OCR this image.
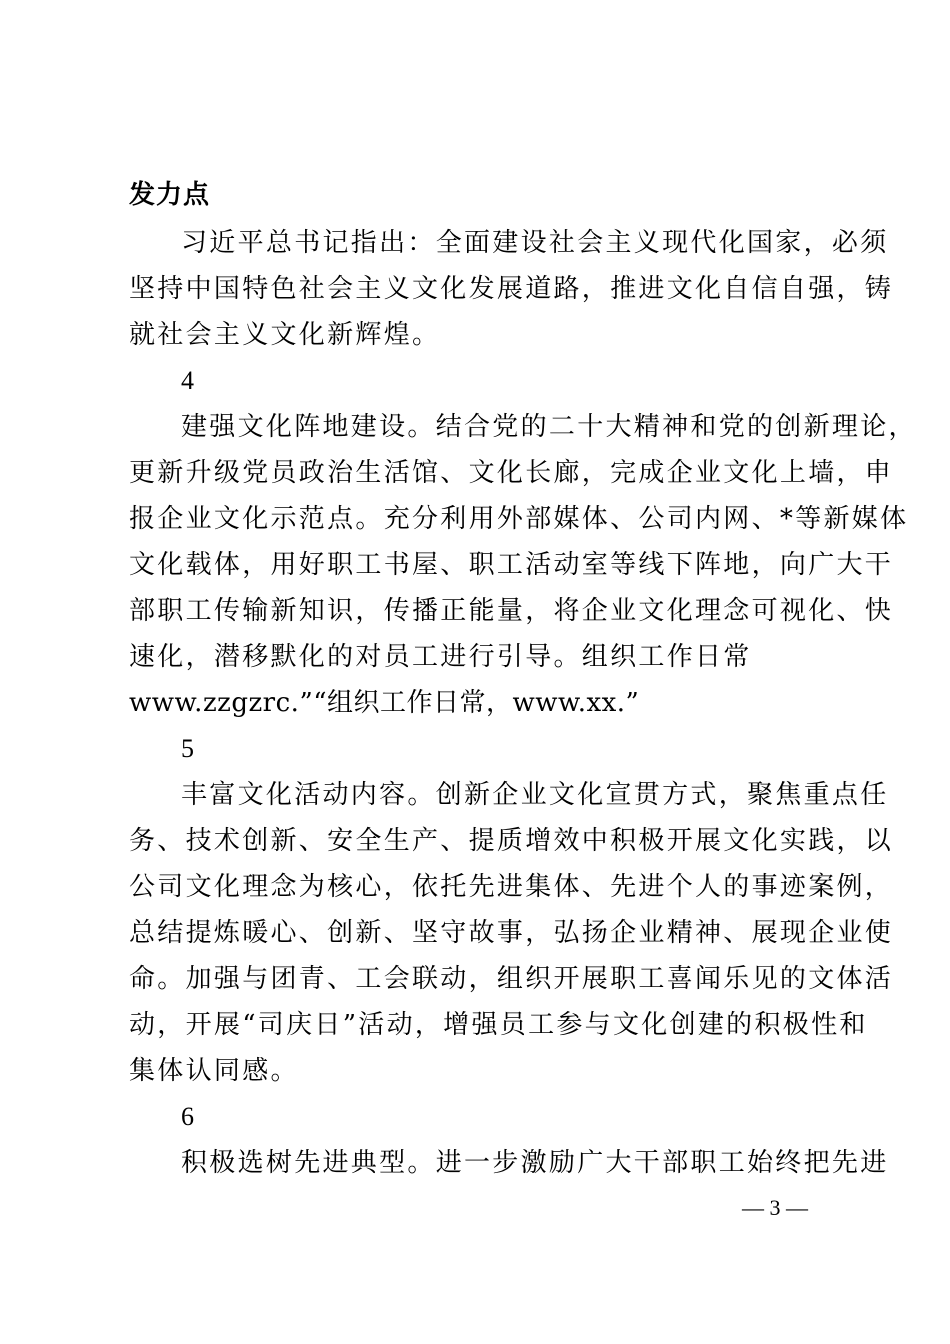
发力点
习近平总书记指出：全面建设社会主义现代化国家，必须
坚持中国特色社会主义文化发展道路，推进文化自信自强，铸
就社会主义文化新辉煌。
4
建强文化阵地建设。结合党的二十大精神和党的创新理论，
更新升级党员政治生活馆、文化长廊，完成企业文化上墙，申
报企业文化示范点。充分利用外部媒体、公司内网、*等新媒体
文化载体，用好职工书屋、职工活动室等线下阵地，向广大干
部职工传输新知识，传播正能量，将企业文化理念可视化、快
速化，潜移默化的对员工进行引导。组织工作日常
www.zzgzrc.”“组织工作日常，www.xx.”
5
丰富文化活动内容。创新企业文化宣贯方式，聚焦重点任
务、技术创新、安全生产、提质增效中积极开展文化实践，以
公司文化理念为核心，依托先进集体、先进个人的事迹案例，
总结提炼暖心、创新、坚守故事，弘扬企业精神、展现企业使
命。加强与团青、工会联动，组织开展职工喜闻乐见的文体活
动，开展“司庆日”活动，增强员工参与文化创建的积极性和
集体认同感。
6
积极选树先进典型。进一步激励广大干部职工始终把先进
— 3 —
